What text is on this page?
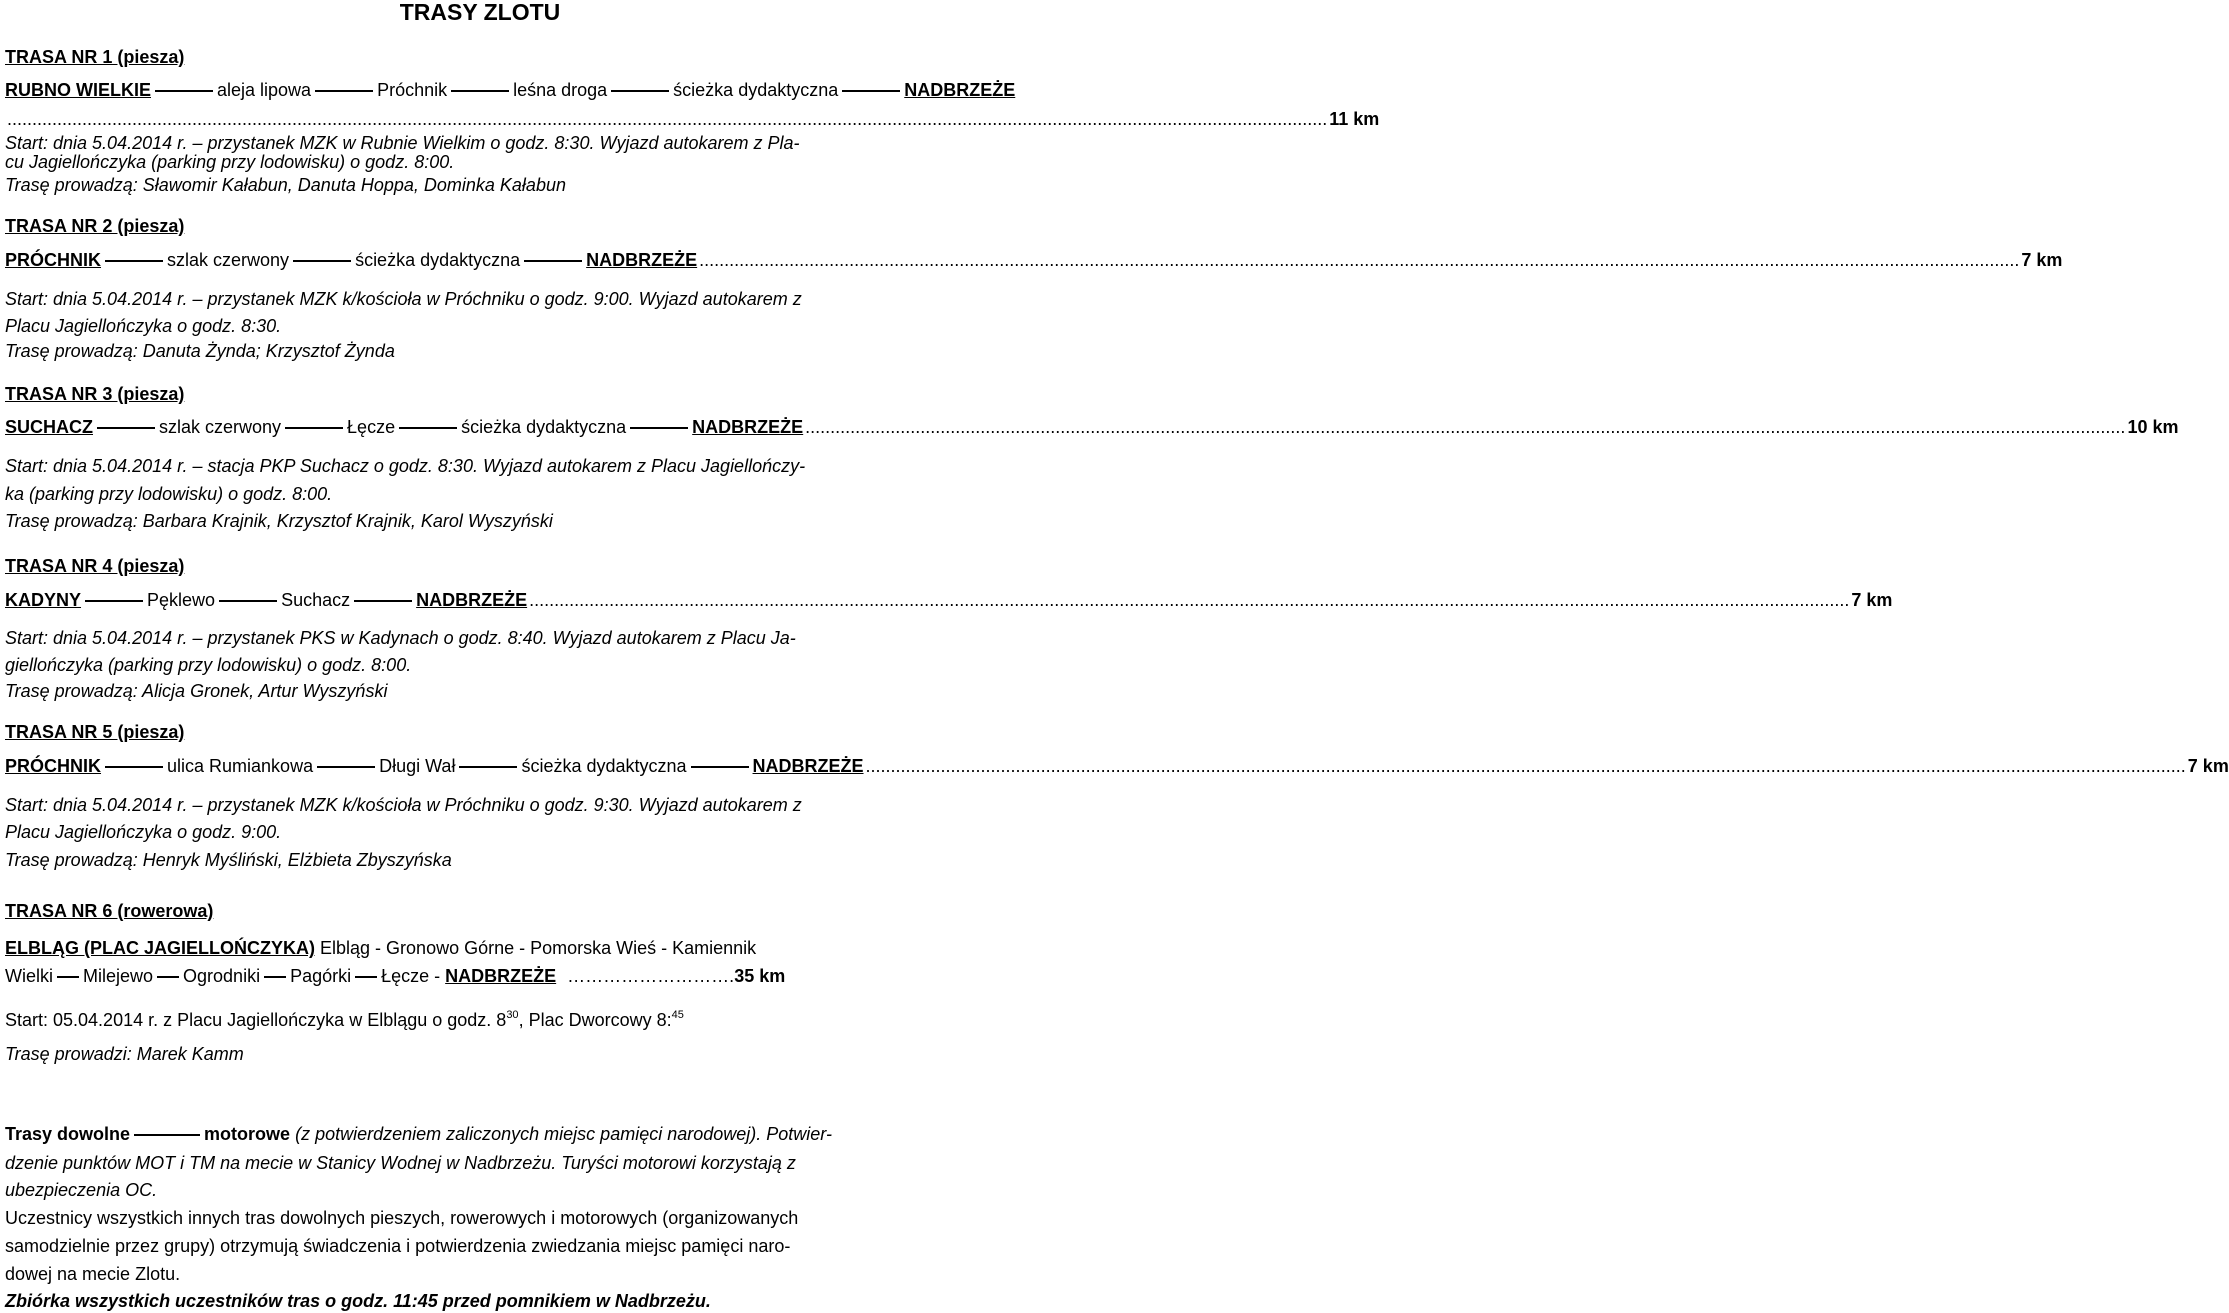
TRASY ZLOTU
TRASA NR 1 (piesza)
RUBNO WIELKIE	aleja lipowa	Próchnik	leśna droga	ścieżka dydaktyczna	NADBRZEŻE
.....
11 km
Start: dnia 5.04.2014 r. – przystanek MZK w Rubnie Wielkim o godz. 8:30. Wyjazd autokarem z Pla-
cu Jagiellończyka (parking przy lodowisku) o godz. 8:00.
Trasę prowadzą: Sławomir Kałabun, Danuta Hoppa, Dominka Kałabun
TRASA NR 2 (piesza)
PRÓCHNIK	szlak czerwony	ścieżka dydaktyczna	NADBRZEŻE .....	7 km
Start: dnia 5.04.2014 r. – przystanek MZK k/kościoła w Próchniku o godz. 9:00. Wyjazd autokarem z
Placu Jagiellończyka o godz. 8:30.
Trasę prowadzą: Danuta Żynda; Krzysztof Żynda
TRASA NR 3 (piesza)
SUCHACZ	szlak czerwony	Łęcze	ścieżka dydaktyczna	NADBRZEŻE .....	10 km
Start: dnia 5.04.2014 r. – stacja PKP Suchacz o godz. 8:30. Wyjazd autokarem z Placu Jagiellończy-
ka (parking przy lodowisku) o godz. 8:00.
Trasę prowadzą: Barbara Krajnik, Krzysztof Krajnik, Karol Wyszyński
TRASA NR 4 (piesza)
KADYNY	Pęklewo	Suchacz	NADBRZEŻE .....	7 km
Start: dnia 5.04.2014 r. – przystanek PKS w Kadynach o godz. 8:40. Wyjazd autokarem z Placu Ja-
giellończyka (parking przy lodowisku) o godz. 8:00.
Trasę prowadzą: Alicja Gronek, Artur Wyszyński
TRASA NR 5 (piesza)
PRÓCHNIK	ulica Rumiankowa	Długi Wał	ścieżka dydaktyczna	NADBRZEŻE .....	7 km
Start: dnia 5.04.2014 r. – przystanek MZK k/kościoła w Próchniku o godz. 9:30. Wyjazd autokarem z
Placu Jagiellończyka o godz. 9:00.
Trasę prowadzą: Henryk Myśliński, Elżbieta Zbyszyńska
TRASA NR 6 (rowerowa)
ELBLĄG (PLAC JAGIELLOŃCZYKA) Elbląg - Gronowo Górne - Pomorska Wieś - Kamiennik
Wielki Milejewo Ogrodniki Pagórki Łęcze - NADBRZEŻE ……………………….35 km
Start: 05.04.2014 r. z Placu Jagiellończyka w Elblągu o godz. $8^{30}$, Plac Dworcowy 8:$^{45}$
Trasę prowadzi: Marek Kamm
Trasy dowolne	motorowe (z potwierdzeniem zaliczonych miejsc pamięci narodowej). Potwier-
dzenie punktów MOT i TM na mecie w Stanicy Wodnej w Nadbrzeżu. Turyści motorowi korzystają z
ubezpieczenia OC.
Uczestnicy wszystkich innych tras dowolnych pieszych, rowerowych i motorowych (organizowanych
samodzielnie przez grupy) otrzymują świadczenia i potwierdzenia zwiedzania miejsc pamięci naro-
dowej na mecie Zlotu.
Zbiórka wszystkich uczestników tras o godz. 11:45 przed pomnikiem w Nadbrzeżu.
